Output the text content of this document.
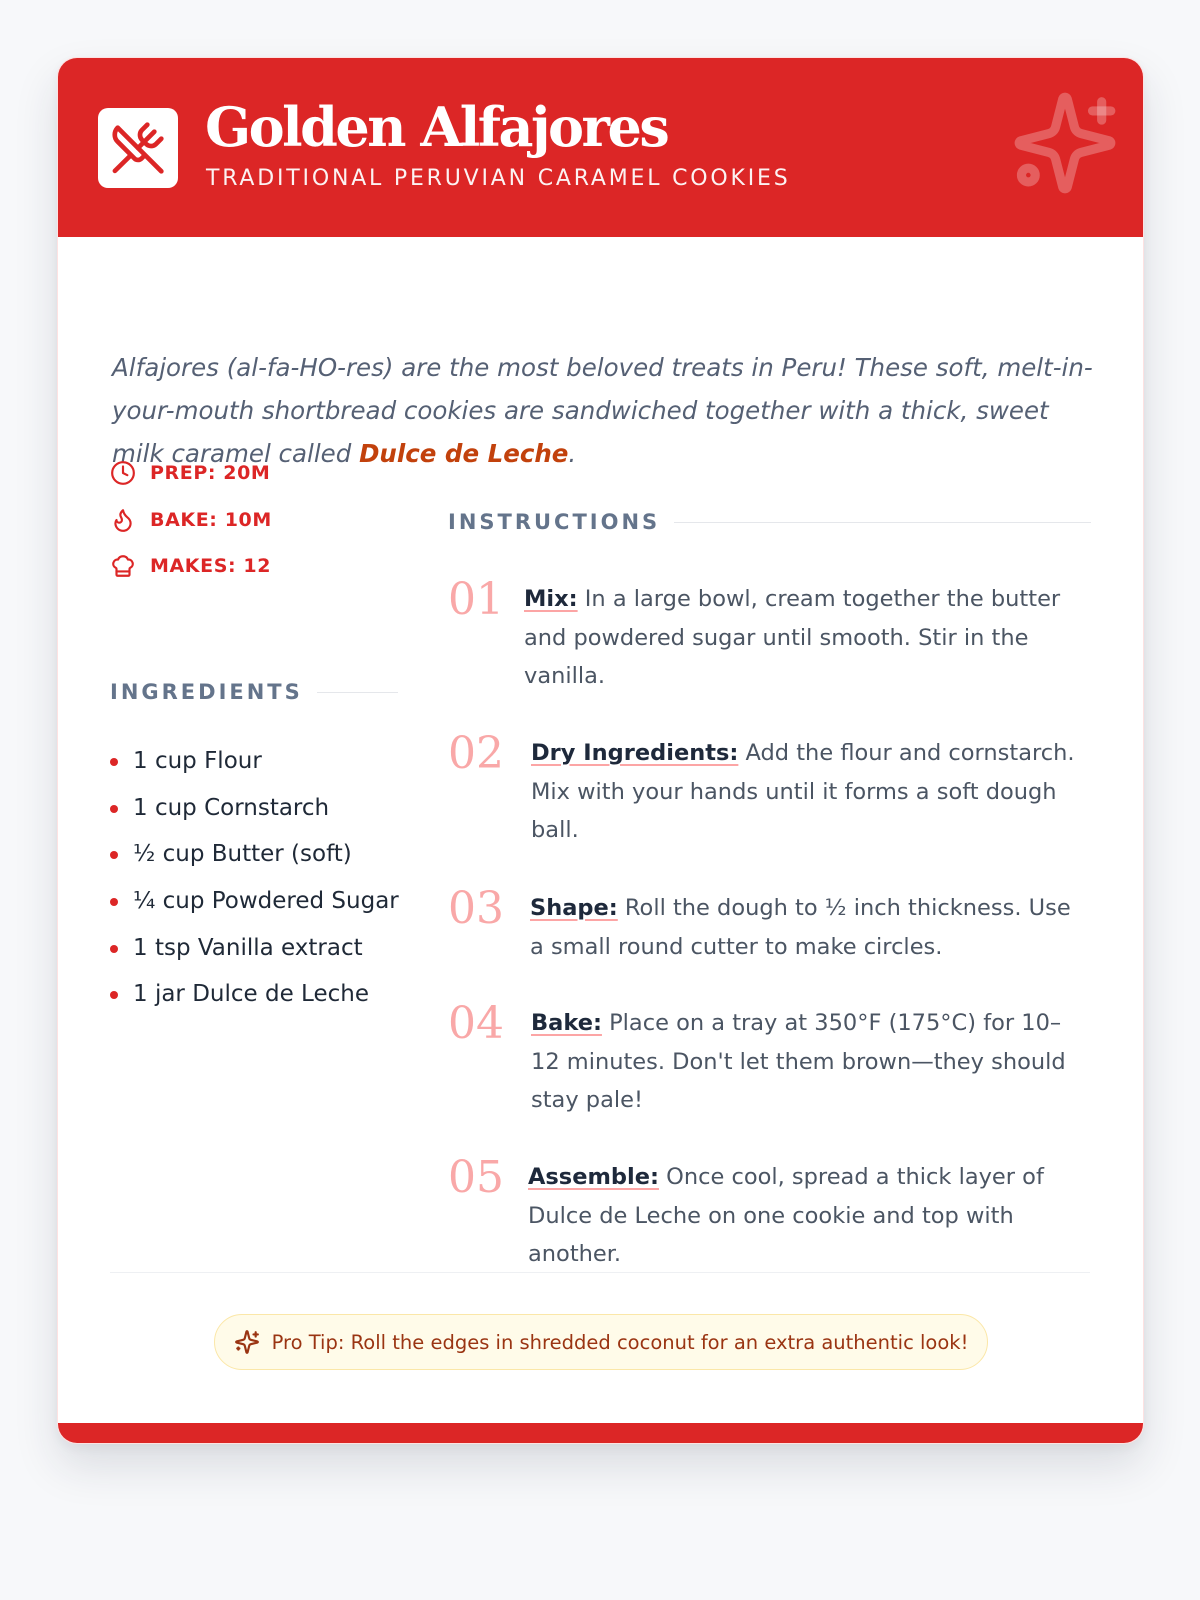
Golden Alfajores
TRADITIONAL PERUVIAN CARAMEL COOKIES

Alfajores (al-fa-HO-res) are the most beloved treats in Peru! These soft, melt-in-your-mouth shortbread cookies are sandwiched together with a thick, sweet milk caramel called Dulce de Leche.

PREP: 20M
BAKE: 10M
MAKES: 12
INGREDIENTS
1 cup Flour
1 cup Cornstarch
½ cup Butter (soft)
¼ cup Powdered Sugar
1 tsp Vanilla extract
1 jar Dulce de Leche
INSTRUCTIONS
01 Mix: In a large bowl, cream together the butter and powdered sugar until smooth. Stir in the vanilla.

02 Dry Ingredients: Add the flour and cornstarch. Mix with your hands until it forms a soft dough ball.

03 Shape: Roll the dough to ½ inch thickness. Use a small round cutter to make circles.

04 Bake: Place on a tray at 350°F (175°C) for 10–12 minutes. Don't let them brown—they should stay pale!

05 Assemble: Once cool, spread a thick layer of Dulce de Leche on one cookie and top with another.

Pro Tip: Roll the edges in shredded coconut for an extra authentic look!
